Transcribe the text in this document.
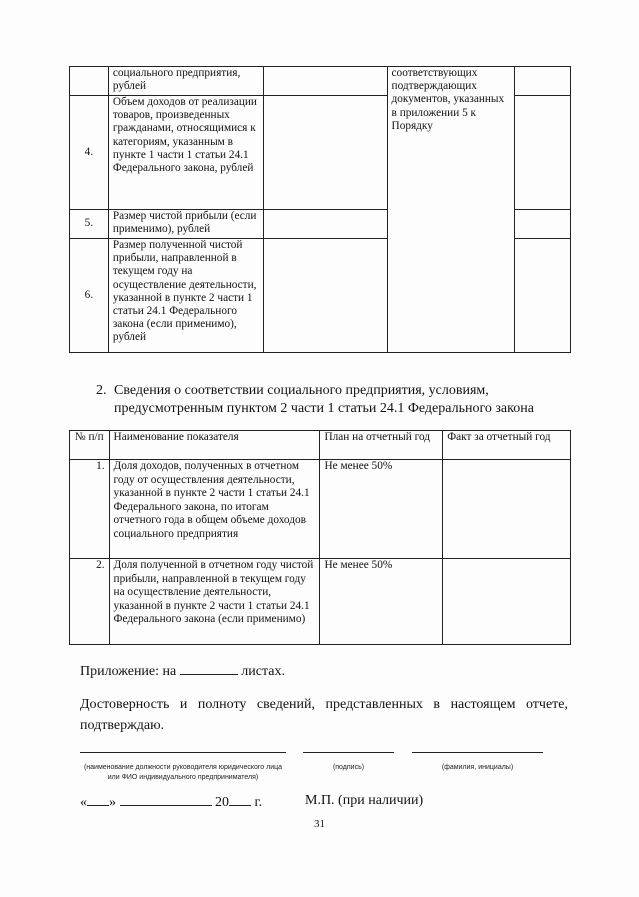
	социального предприятия, рублей		соответствующих подтверждающих документов, указанных в приложении 5 к Порядку	
4.	Объем доходов от реализации товаров, произведенных гражданами, относящимися к категориям, указанным в пункте 1 части 1 статьи 24.1 Федерального закона, рублей			
5.	Размер чистой прибыли (если применимо), рублей			
6.	Размер полученной чистой прибыли, направленной в текущем году на осуществление деятельности, указанной в пункте 2 части 1 статьи 24.1 Федерального закона (если применимо), рублей			
2. Сведения о соответствии социального предприятия, условиям,
предусмотренным пунктом 2 части 1 статьи 24.1 Федерального закона
№ п/п	Наименование показателя	План на отчетный год	Факт за отчетный год
1.	Доля доходов, полученных в отчетном году от осуществления деятельности, указанной в пункте 2 части 1 статьи 24.1 Федерального закона, по итогам отчетного года в общем объеме доходов социального предприятия	Не менее 50%	
2.	Доля полученной в отчетном году чистой прибыли, направленной в текущем году на осуществление деятельности, указанной в пункте 2 части 1 статьи 24.1 Федерального закона (если применимо)	Не менее 50%	
Приложение: на	листах.
Достоверность и полноту сведений, представленных в настоящем отчете, подтверждаю.
(наименование должности руководителя юридического лица или ФИО индивидуального предпринимателя)
(подпись)	(фамилия, инициалы)
« »	20 г.	М.П. (при наличии)
31
